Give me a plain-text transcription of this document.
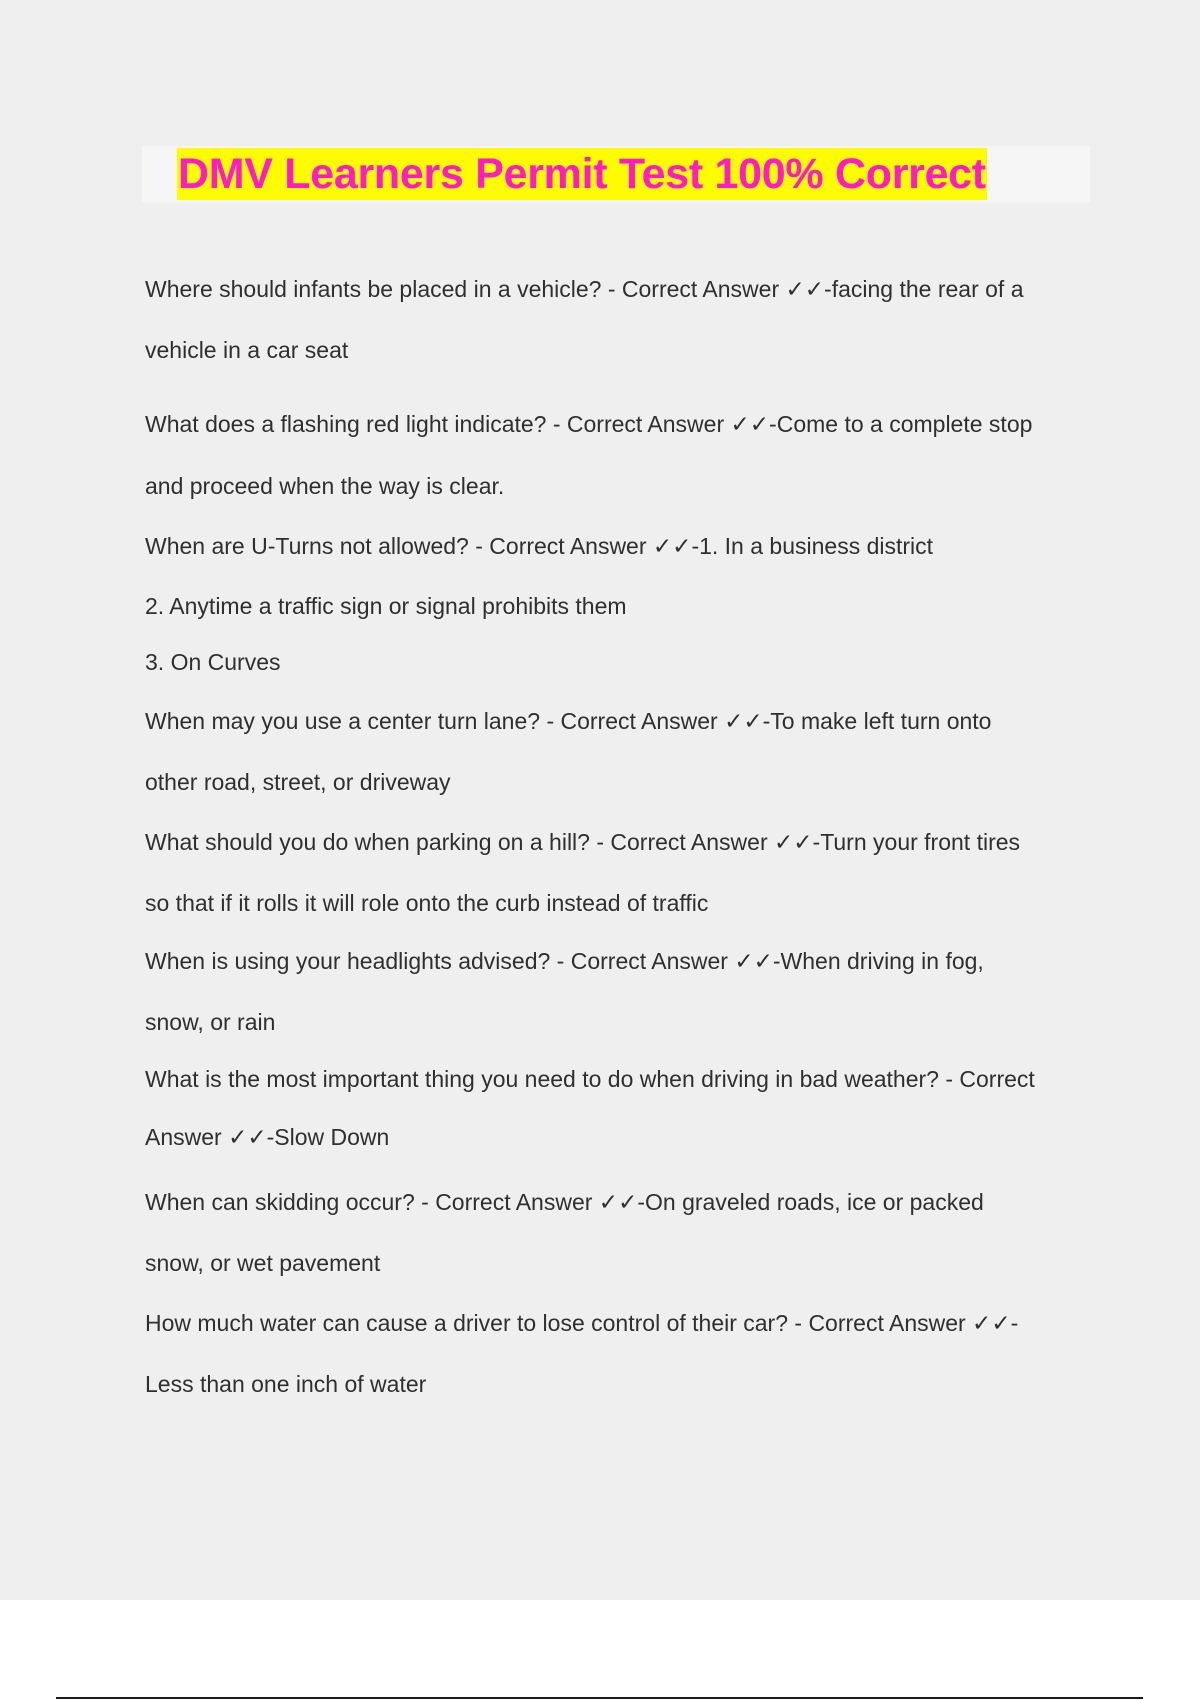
DMV Learners Permit Test 100% Correct

Where should infants be placed in a vehicle? - Correct Answer ✓✓-facing the rear of a

vehicle in a car seat

What does a flashing red light indicate? - Correct Answer ✓✓-Come to a complete stop

and proceed when the way is clear.

When are U-Turns not allowed? - Correct Answer ✓✓-1. In a business district

2. Anytime a traffic sign or signal prohibits them

3. On Curves

When may you use a center turn lane? - Correct Answer ✓✓-To make left turn onto

other road, street, or driveway

What should you do when parking on a hill? - Correct Answer ✓✓-Turn your front tires

so that if it rolls it will role onto the curb instead of traffic

When is using your headlights advised? - Correct Answer ✓✓-When driving in fog,

snow, or rain

What is the most important thing you need to do when driving in bad weather? - Correct

Answer ✓✓-Slow Down

When can skidding occur? - Correct Answer ✓✓-On graveled roads, ice or packed

snow, or wet pavement

How much water can cause a driver to lose control of their car? - Correct Answer ✓✓-

Less than one inch of water
